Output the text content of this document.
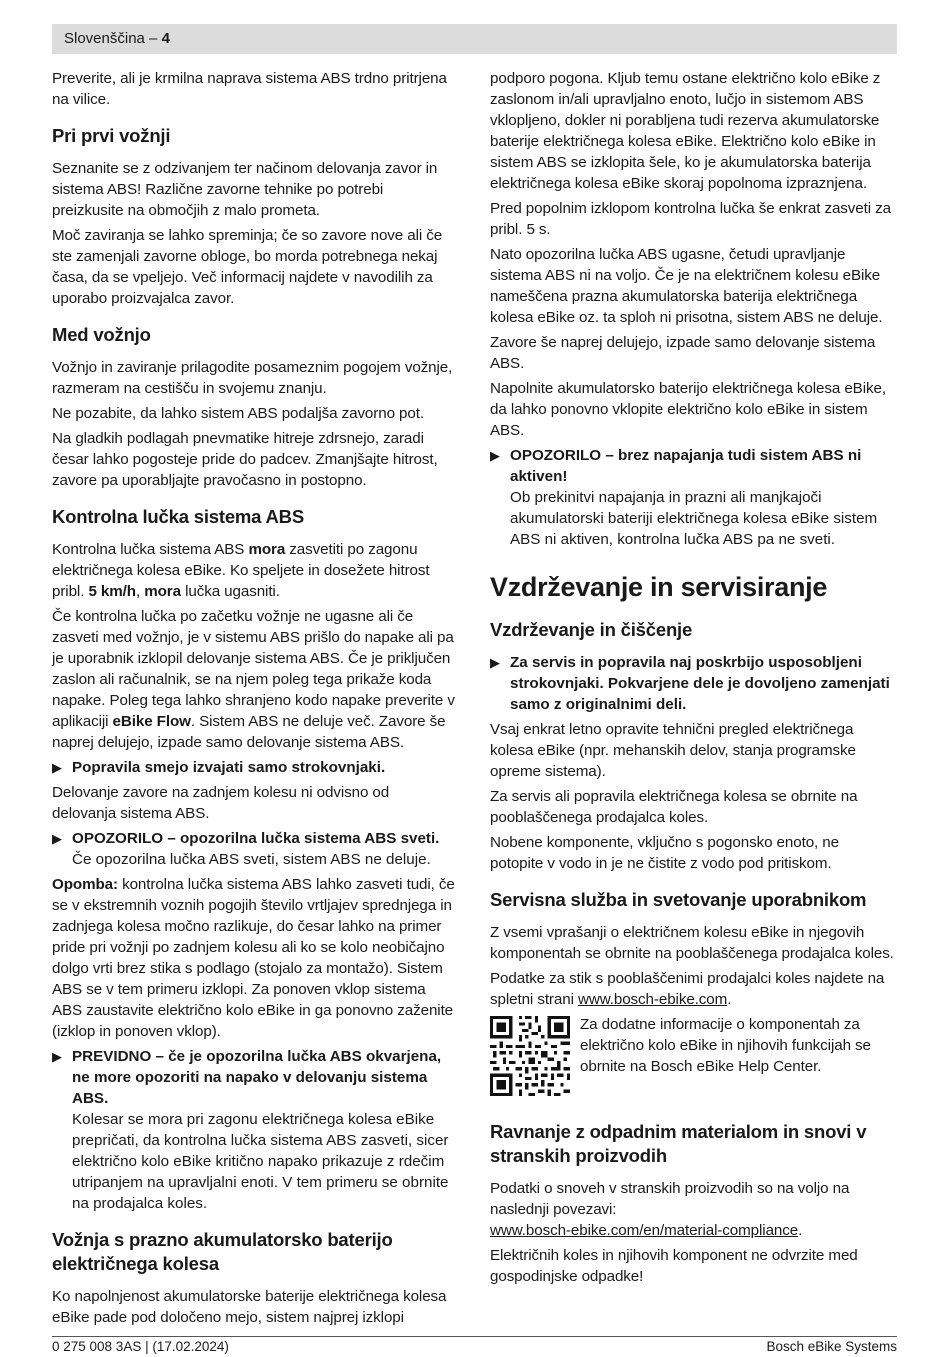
Slovenščina – 4

Preverite, ali je krmilna naprava sistema ABS trdno pritrjena na vilice.

Pri prvi vožnji

Seznanite se z odzivanjem ter načinom delovanja zavor in sistema ABS! Različne zavorne tehnike po potrebi preizkusite na območjih z malo prometa.

Moč zaviranja se lahko spreminja; če so zavore nove ali če ste zamenjali zavorne obloge, bo morda potrebnega nekaj časa, da se vpeljejo. Več informacij najdete v navodilih za uporabo proizvajalca zavor.

Med vožnjo

Vožnjo in zaviranje prilagodite posameznim pogojem vožnje, razmeram na cestišču in svojemu znanju.

Ne pozabite, da lahko sistem ABS podaljša zavorno pot.

Na gladkih podlagah pnevmatike hitreje zdrsnejo, zaradi česar lahko pogosteje pride do padcev. Zmanjšajte hitrost, zavore pa uporabljajte pravočasno in postopno.

Kontrolna lučka sistema ABS

Kontrolna lučka sistema ABS mora zasvetiti po zagonu električnega kolesa eBike. Ko speljete in dosežete hitrost pribl. 5 km/h, mora lučka ugasniti.

Če kontrolna lučka po začetku vožnje ne ugasne ali če zasveti med vožnjo, je v sistemu ABS prišlo do napake ali pa je uporabnik izklopil delovanje sistema ABS. Če je priključen zaslon ali računalnik, se na njem poleg tega prikaže koda napake. Poleg tega lahko shranjeno kodo napake preverite v aplikaciji eBike Flow. Sistem ABS ne deluje več. Zavore še naprej delujejo, izpade samo delovanje sistema ABS.

▶ Popravila smejo izvajati samo strokovnjaki.

Delovanje zavore na zadnjem kolesu ni odvisno od delovanja sistema ABS.

▶ OPOZORILO – opozorilna lučka sistema ABS sveti.
Če opozorilna lučka ABS sveti, sistem ABS ne deluje.

Opomba: kontrolna lučka sistema ABS lahko zasveti tudi, če se v ekstremnih voznih pogojih število vrtljajev sprednjega in zadnjega kolesa močno razlikuje, do česar lahko na primer pride pri vožnji po zadnjem kolesu ali ko se kolo neobičajno dolgo vrti brez stika s podlago (stojalo za montažo). Sistem ABS se v tem primeru izklopi. Za ponoven vklop sistema ABS zaustavite električno kolo eBike in ga ponovno zaženite (izklop in ponoven vklop).

▶ PREVIDNO – če je opozorilna lučka ABS okvarjena, ne more opozoriti na napako v delovanju sistema ABS.
Kolesar se mora pri zagonu električnega kolesa eBike prepričati, da kontrolna lučka sistema ABS zasveti, sicer električno kolo eBike kritično napako prikazuje z rdečim utripanjem na upravljalni enoti. V tem primeru se obrnite na prodajalca koles.
Vožnja s prazno akumulatorsko baterijo električnega kolesa

Ko napolnjenost akumulatorske baterije električnega kolesa eBike pade pod določeno mejo, sistem najprej izklopi

podporo pogona. Kljub temu ostane električno kolo eBike z zaslonom in/ali upravljalno enoto, lučjo in sistemom ABS vklopljeno, dokler ni porabljena tudi rezerva akumulatorske baterije električnega kolesa eBike. Električno kolo eBike in sistem ABS se izklopita šele, ko je akumulatorska baterija električnega kolesa eBike skoraj popolnoma izpraznjena.

Pred popolnim izklopom kontrolna lučka še enkrat zasveti za pribl. 5 s.

Nato opozorilna lučka ABS ugasne, četudi upravljanje sistema ABS ni na voljo. Če je na električnem kolesu eBike nameščena prazna akumulatorska baterija električnega kolesa eBike oz. ta sploh ni prisotna, sistem ABS ne deluje.

Zavore še naprej delujejo, izpade samo delovanje sistema ABS.

Napolnite akumulatorsko baterijo električnega kolesa eBike, da lahko ponovno vklopite električno kolo eBike in sistem ABS.

▶ OPOZORILO – brez napajanja tudi sistem ABS ni aktiven!
Ob prekinitvi napajanja in prazni ali manjkajoči akumulatorski bateriji električnega kolesa eBike sistem ABS ni aktiven, kontrolna lučka ABS pa ne sveti.
Vzdrževanje in servisiranje
Vzdrževanje in čiščenje
▶ Za servis in popravila naj poskrbijo usposobljeni strokovnjaki. Pokvarjene dele je dovoljeno zamenjati samo z originalnimi deli.

Vsaj enkrat letno opravite tehnični pregled električnega kolesa eBike (npr. mehanskih delov, stanja programske opreme sistema).

Za servis ali popravila električnega kolesa se obrnite na pooblaščenega prodajalca koles.

Nobene komponente, vključno s pogonsko enoto, ne potopite v vodo in je ne čistite z vodo pod pritiskom.

Servisna služba in svetovanje uporabnikom

Z vsemi vprašanji o električnem kolesu eBike in njegovih komponentah se obrnite na pooblaščenega prodajalca koles.

Podatke za stik s pooblaščenimi prodajalci koles najdete na spletni strani www.bosch-ebike.com.

Za dodatne informacije o komponentah za električno kolo eBike in njihovih funkcijah se obrnite na Bosch eBike Help Center.

Ravnanje z odpadnim materialom in snovi v stranskih proizvodih

Podatki o snoveh v stranskih proizvodih so na voljo na naslednji povezavi:

www.bosch-ebike.com/en/material-compliance.

Električnih koles in njihovih komponent ne odvrzite med gospodinjske odpadke!

0 275 008 3AS | (17.02.2024)	Bosch eBike Systems
